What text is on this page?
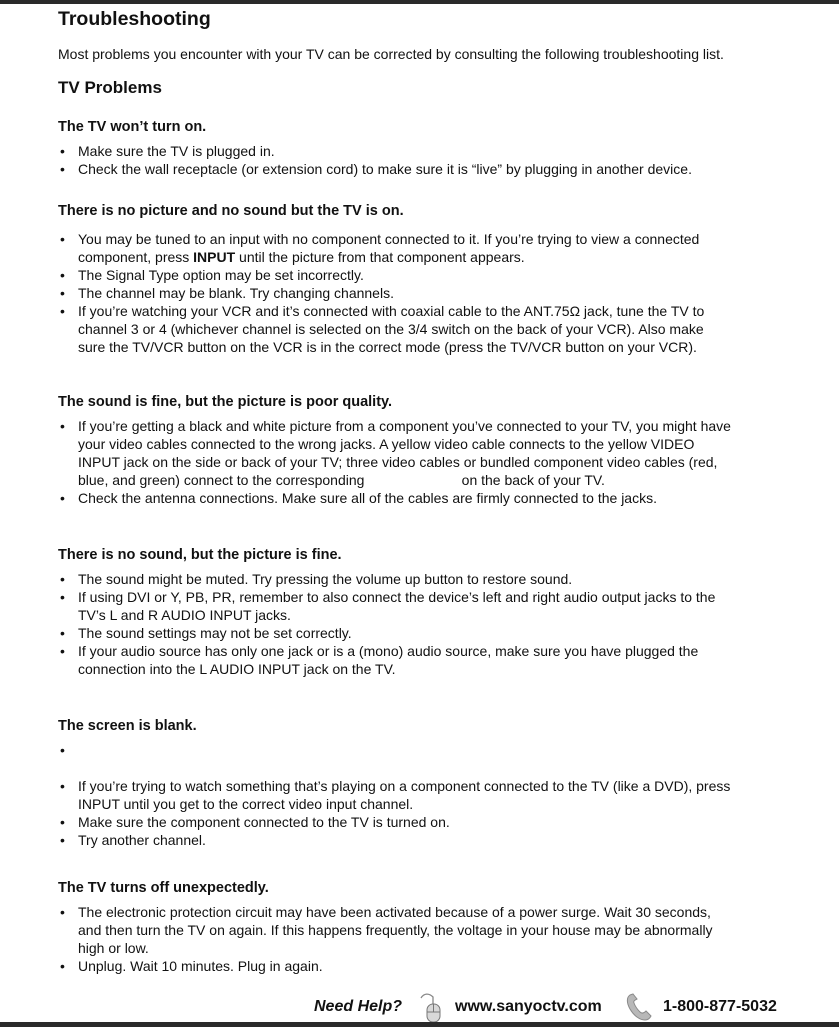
Troubleshooting

Most problems you encounter with your TV can be corrected by consulting the following troubleshooting list.

TV Problems
The TV won’t turn on.
• Make sure the TV is plugged in.
• Check the wall receptacle (or extension cord) to make sure it is “live” by plugging in another device.
There is no picture and no sound but the TV is on.
• You may be tuned to an input with no component connected to it. If you’re trying to view a connected
component, press INPUT until the picture from that component appears.
• The Signal Type option may be set incorrectly.
• The channel may be blank. Try changing channels.
• If you’re watching your VCR and it’s connected with coaxial cable to the ANT.75Ω jack, tune the TV to
channel 3 or 4 (whichever channel is selected on the 3/4 switch on the back of your VCR). Also make
sure the TV/VCR button on the VCR is in the correct mode (press the TV/VCR button on your VCR).
The sound is fine, but the picture is poor quality.
• If you’re getting a black and white picture from a component you’ve connected to your TV, you might have
your video cables connected to the wrong jacks. A yellow video cable connects to the yellow VIDEO
INPUT jack on the side or back of your TV; three video cables or bundled component video cables (red,
blue, and green) connect to the corresponding                         on the back of your TV.
• Check the antenna connections. Make sure all of the cables are firmly connected to the jacks.
There is no sound, but the picture is fine.
• The sound might be muted. Try pressing the volume up button to restore sound.
• If using DVI or Y, PB, PR, remember to also connect the device’s left and right audio output jacks to the
TV’s L and R AUDIO INPUT jacks.
• The sound settings may not be set correctly.
• If your audio source has only one jack or is a (mono) audio source, make sure you have plugged the
connection into the L AUDIO INPUT jack on the TV.
The screen is blank.
•
• If you’re trying to watch something that’s playing on a component connected to the TV (like a DVD), press
INPUT until you get to the correct video input channel.
• Make sure the component connected to the TV is turned on.
• Try another channel.
The TV turns off unexpectedly.
• The electronic protection circuit may have been activated because of a power surge. Wait 30 seconds,
and then turn the TV on again. If this happens frequently, the voltage in your house may be abnormally
high or low.
• Unplug. Wait 10 minutes. Plug in again.
Need Help?	www.sanyoctv.com	1-800-877-5032
